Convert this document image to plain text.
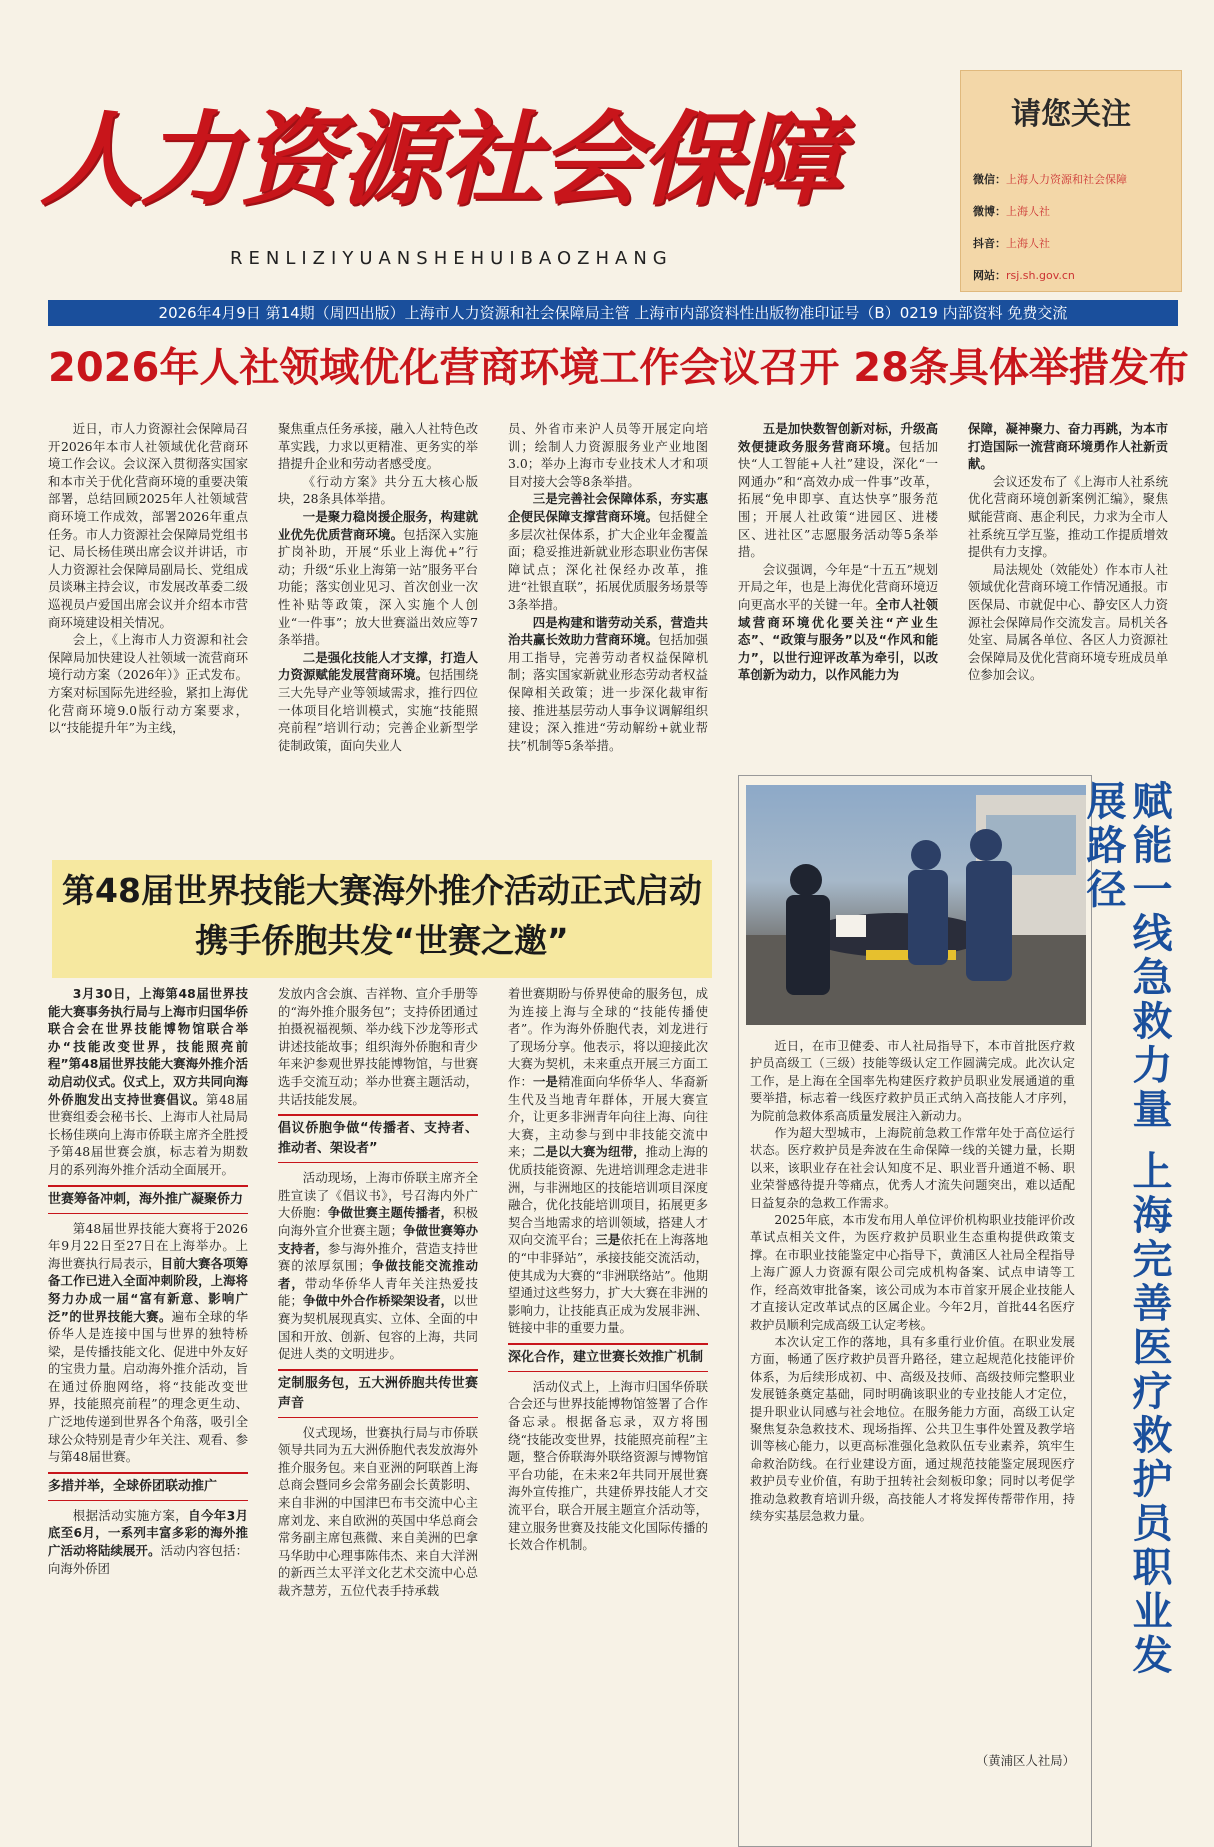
人力资源社会保障
RENLIZIYUANSHEHUIBAOZHANG
请您关注
微信：上海人力资源和社会保障
微博：上海人社
抖音：上海人社
网站：rsj.sh.gov.cn
2026年4月9日 第14期（周四出版）上海市人力资源和社会保障局主管 上海市内部资料性出版物准印证号（B）0219 内部资料 免费交流
2026年人社领域优化营商环境工作会议召开 28条具体举措发布

近日，市人力资源社会保障局召开2026年本市人社领域优化营商环境工作会议。会议深入贯彻落实国家和本市关于优化营商环境的重要决策部署，总结回顾2025年人社领域营商环境工作成效，部署2026年重点任务。市人力资源社会保障局党组书记、局长杨佳瑛出席会议并讲话，市人力资源社会保障局副局长、党组成员谈琳主持会议，市发展改革委二级巡视员卢爱国出席会议并介绍本市营商环境建设相关情况。

会上，《上海市人力资源和社会保障局加快建设人社领域一流营商环境行动方案（2026年）》正式发布。方案对标国际先进经验，紧扣上海优化营商环境9.0版行动方案要求，以“技能提升年”为主线，

聚焦重点任务承接，融入人社特色改革实践，力求以更精准、更务实的举措提升企业和劳动者感受度。

《行动方案》共分五大核心版块，28条具体举措。

一是聚力稳岗援企服务，构建就业优先优质营商环境。包括深入实施扩岗补助，开展“乐业上海优+”行动；升级“乐业上海第一站”服务平台功能；落实创业见习、首次创业一次性补贴等政策，深入实施个人创业“一件事”；放大世赛溢出效应等7条举措。

二是强化技能人才支撑，打造人力资源赋能发展营商环境。包括围绕三大先导产业等领域需求，推行四位一体项目化培训模式，实施“技能照亮前程”培训行动；完善企业新型学徒制政策，面向失业人

员、外省市来沪人员等开展定向培训；绘制人力资源服务业产业地图3.0；举办上海市专业技术人才和项目对接大会等8条举措。

三是完善社会保障体系，夯实惠企便民保障支撑营商环境。包括健全多层次社保体系，扩大企业年金覆盖面；稳妥推进新就业形态职业伤害保障试点；深化社保经办改革，推进“社银直联”，拓展优质服务场景等3条举措。

四是构建和谐劳动关系，营造共治共赢长效助力营商环境。包括加强用工指导，完善劳动者权益保障机制；落实国家新就业形态劳动者权益保障相关政策；进一步深化裁审衔接、推进基层劳动人事争议调解组织建设；深入推进“劳动解纷+就业帮扶”机制等5条举措。

五是加快数智创新对标，升级高效便捷政务服务营商环境。包括加快“人工智能+人社”建设，深化“一网通办”和“高效办成一件事”改革，拓展“免申即享、直达快享”服务范围；开展人社政策“进园区、进楼区、进社区”志愿服务活动等5条举措。

会议强调，今年是“十五五”规划开局之年，也是上海优化营商环境迈向更高水平的关键一年。全市人社领域营商环境优化要关注“产业生态”、“政策与服务”以及“作风和能力”，以世行迎评改革为牵引，以改革创新为动力，以作风能力为

保障，凝神聚力、奋力再跳，为本市打造国际一流营商环境勇作人社新贡献。

会议还发布了《上海市人社系统优化营商环境创新案例汇编》，聚焦赋能营商、惠企利民，力求为全市人社系统互学互鉴，推动工作提质增效提供有力支撑。

局法规处（效能处）作本市人社领域优化营商环境工作情况通报。市医保局、市就促中心、静安区人力资源社会保障局作交流发言。局机关各处室、局属各单位、各区人力资源社会保障局及优化营商环境专班成员单位参加会议。

第48届世界技能大赛海外推介活动正式启动
携手侨胞共发“世赛之邀”

3月30日，上海第48届世界技能大赛事务执行局与上海市归国华侨联合会在世界技能博物馆联合举办“技能改变世界，技能照亮前程”第48届世界技能大赛海外推介活动启动仪式。仪式上，双方共同向海外侨胞发出支持世赛倡议。第48届世赛组委会秘书长、上海市人社局局长杨佳瑛向上海市侨联主席齐全胜授予第48届世赛会旗，标志着为期数月的系列海外推介活动全面展开。

世赛筹备冲刺，海外推广凝聚侨力

第48届世界技能大赛将于2026年9月22日至27日在上海举办。上海世赛执行局表示，目前大赛各项筹备工作已进入全面冲刺阶段，上海将努力办成一届“富有新意、影响广泛”的世界技能大赛。遍布全球的华侨华人是连接中国与世界的独特桥梁，是传播技能文化、促进中外友好的宝贵力量。启动海外推介活动，旨在通过侨胞网络，将“技能改变世界，技能照亮前程”的理念更生动、广泛地传递到世界各个角落，吸引全球公众特别是青少年关注、观看、参与第48届世赛。

多措并举，全球侨团联动推广

根据活动实施方案，自今年3月底至6月，一系列丰富多彩的海外推广活动将陆续展开。活动内容包括：向海外侨团

发放内含会旗、吉祥物、宣介手册等的“海外推介服务包”；支持侨团通过拍摄祝福视频、举办线下沙龙等形式讲述技能故事；组织海外侨胞和青少年来沪参观世界技能博物馆，与世赛选手交流互动；举办世赛主题活动，共话技能发展。

倡议侨胞争做“传播者、支持者、推动者、架设者”

活动现场，上海市侨联主席齐全胜宣读了《倡议书》，号召海内外广大侨胞：争做世赛主题传播者，积极向海外宣介世赛主题；争做世赛筹办支持者，参与海外推介，营造支持世赛的浓厚氛围；争做技能交流推动者，带动华侨华人青年关注热爱技能；争做中外合作桥梁架设者，以世赛为契机展现真实、立体、全面的中国和开放、创新、包容的上海，共同促进人类的文明进步。

定制服务包，五大洲侨胞共传世赛声音

仪式现场，世赛执行局与市侨联领导共同为五大洲侨胞代表发放海外推介服务包。来自亚洲的阿联酋上海总商会暨同乡会常务副会长黄影明、来自非洲的中国津巴布韦交流中心主席刘龙、来自欧洲的英国中华总商会常务副主席包燕微、来自美洲的巴拿马华助中心理事陈伟杰、来自大洋洲的新西兰太平洋文化艺术交流中心总裁齐慧芳，五位代表手持承载

着世赛期盼与侨界使命的服务包，成为连接上海与全球的“技能传播使者”。作为海外侨胞代表，刘龙进行了现场分享。他表示，将以迎接此次大赛为契机，未来重点开展三方面工作：一是精准面向华侨华人、华裔新生代及当地青年群体，开展大赛宣介，让更多非洲青年向往上海、向往大赛，主动参与到中非技能交流中来；二是以大赛为纽带，推动上海的优质技能资源、先进培训理念走进非洲，与非洲地区的技能培训项目深度融合，优化技能培训项目，拓展更多契合当地需求的培训领域，搭建人才双向交流平台；三是依托在上海落地的“中非驿站”，承接技能交流活动，使其成为大赛的“非洲联络站”。他期望通过这些努力，扩大大赛在非洲的影响力，让技能真正成为发展非洲、链接中非的重要力量。

深化合作，建立世赛长效推广机制

活动仪式上，上海市归国华侨联合会还与世界技能博物馆签署了合作备忘录。根据备忘录，双方将围绕“技能改变世界，技能照亮前程”主题，整合侨联海外联络资源与博物馆平台功能，在未来2年共同开展世赛海外宣传推广，共建侨界技能人才交流平台，联合开展主题宣介活动等，建立服务世赛及技能文化国际传播的长效合作机制。	赋能一线急救力量 上海完善医疗救护员职业发展路径

近日，在市卫健委、市人社局指导下，本市首批医疗救护员高级工（三级）技能等级认定工作圆满完成。此次认定工作，是上海在全国率先构建医疗救护员职业发展通道的重要举措，标志着一线医疗救护员正式纳入高技能人才序列，为院前急救体系高质量发展注入新动力。

作为超大型城市，上海院前急救工作常年处于高位运行状态。医疗救护员是奔波在生命保障一线的关键力量，长期以来，该职业存在社会认知度不足、职业晋升通道不畅、职业荣誉感待提升等痛点，优秀人才流失问题突出，难以适配日益复杂的急救工作需求。

2025年底，本市发布用人单位评价机构职业技能评价改革试点相关文件，为医疗救护员职业生态重构提供政策支撑。在市职业技能鉴定中心指导下，黄浦区人社局全程指导上海广源人力资源有限公司完成机构备案、试点申请等工作，经高效审批备案，该公司成为本市首家开展企业技能人才直接认定改革试点的区属企业。今年2月，首批44名医疗救护员顺利完成高级工认定考核。

本次认定工作的落地，具有多重行业价值。在职业发展方面，畅通了医疗救护员晋升路径，建立起规范化技能评价体系，为后续形成初、中、高级及技师、高级技师完整职业发展链条奠定基础，同时明确该职业的专业技能人才定位，提升职业认同感与社会地位。在服务能力方面，高级工认定聚焦复杂急救技术、现场指挥、公共卫生事件处置及教学培训等核心能力，以更高标准强化急救队伍专业素养，筑牢生命救治防线。在行业建设方面，通过规范技能鉴定展现医疗救护员专业价值，有助于扭转社会刻板印象；同时以考促学推动急救教育培训升级，高技能人才将发挥传帮带作用，持续夯实基层急救力量。

（黄浦区人社局）
